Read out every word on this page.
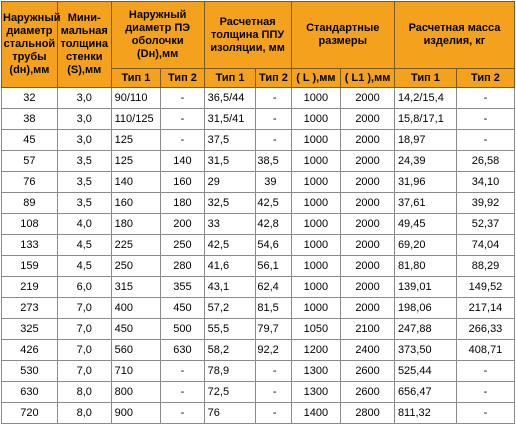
Наружный диаметр стальной трубы (dн),мм	Мини-мальная толщина стенки (S),мм	Наружный диаметр ПЭ оболочки (Dн),мм		Расчетная толщина ППУ изоляции, мм		Стандартные размеры		Расчетная масса изделия, кг	
		Тип 1	Тип 2	Тип 1	Тип 2	( L ),мм	( L1 ),мм	Тип 1	Тип 2
32	3,0	90/110	-	36,5/44	-	1000	2000	14,2/15,4	-
38	3,0	110/125	-	31,5/41	-	1000	2000	15,8/17,1	-
45	3,0	125	-	37,5	-	1000	2000	18,97	-
57	3,5	125	140	31,5	38,5	1000	2000	24,39	26,58
76	3,5	140	160	29	39	1000	2000	31,96	34,10
89	3,5	160	180	32,5	42,5	1000	2000	37,61	39,92
108	4,0	180	200	33	42,8	1000	2000	49,45	52,37
133	4,5	225	250	42,5	54,6	1000	2000	69,20	74,04
159	4,5	250	280	41,6	56,1	1000	2000	81,80	88,29
219	6,0	315	355	43,1	62,4	1000	2000	139,01	149,52
273	7,0	400	450	57,2	81,5	1000	2000	198,06	217,14
325	7,0	450	500	55,5	79,7	1050	2100	247,88	266,33
426	7,0	560	630	58,2	92,2	1200	2400	373,50	408,71
530	7,0	710	-	78,9	-	1300	2600	525,44	-
630	8,0	800	-	72,5	-	1300	2600	656,47	-
720	8,0	900	-	76	-	1400	2800	811,32	-
